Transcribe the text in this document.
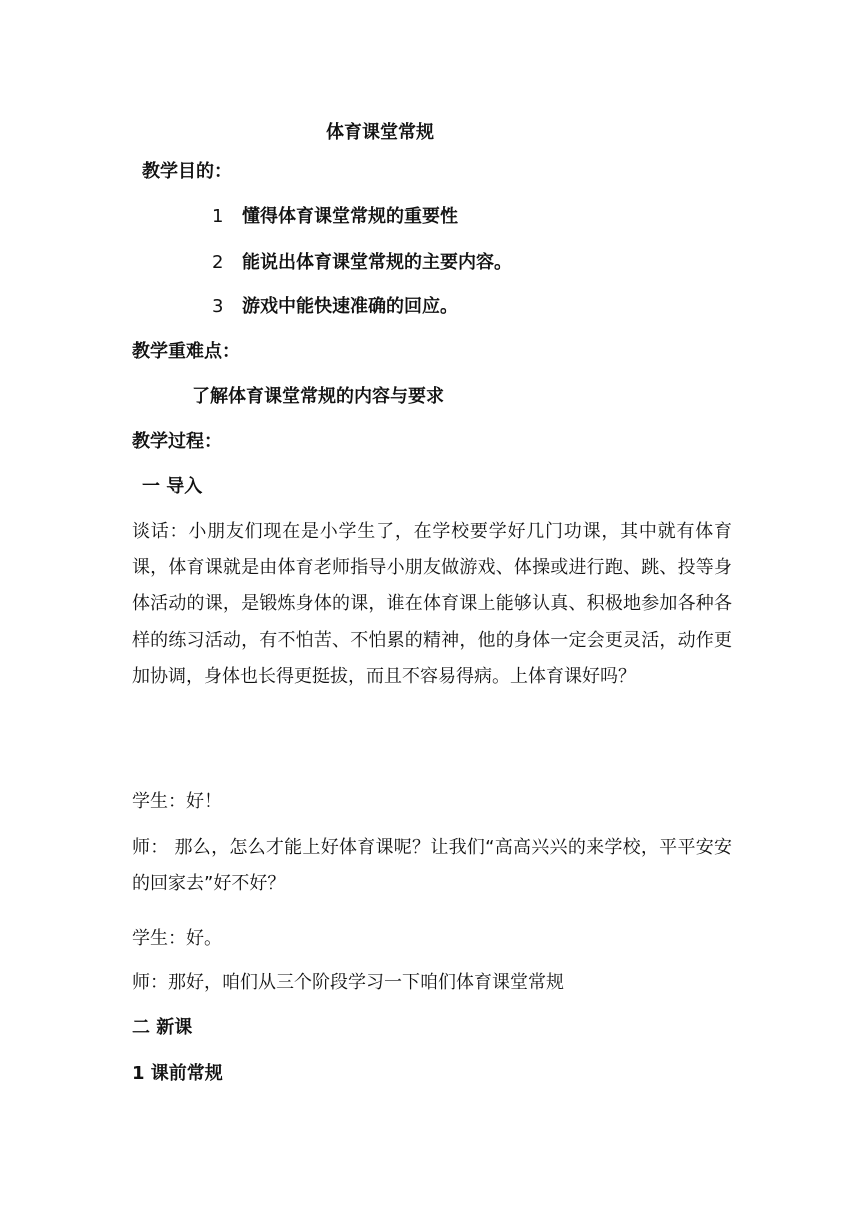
体育课堂常规
教学目的：
1 懂得体育课堂常规的重要性
2 能说出体育课堂常规的主要内容。
3 游戏中能快速准确的回应。
教学重难点：
了解体育课堂常规的内容与要求
教学过程：
一 导入
谈话：小朋友们现在是小学生了，在学校要学好几门功课，其中就有体育课，体育课就是由体育老师指导小朋友做游戏、体操或进行跑、跳、投等身体活动的课，是锻炼身体的课，谁在体育课上能够认真、积极地参加各种各样的练习活动，有不怕苦、不怕累的精神，他的身体一定会更灵活，动作更加协调，身体也长得更挺拔，而且不容易得病。上体育课好吗？
学生：好！
师： 那么，怎么才能上好体育课呢？让我们“高高兴兴的来学校，平平安安的回家去”好不好？
学生：好。
师：那好，咱们从三个阶段学习一下咱们体育课堂常规
二 新课
1 课前常规
